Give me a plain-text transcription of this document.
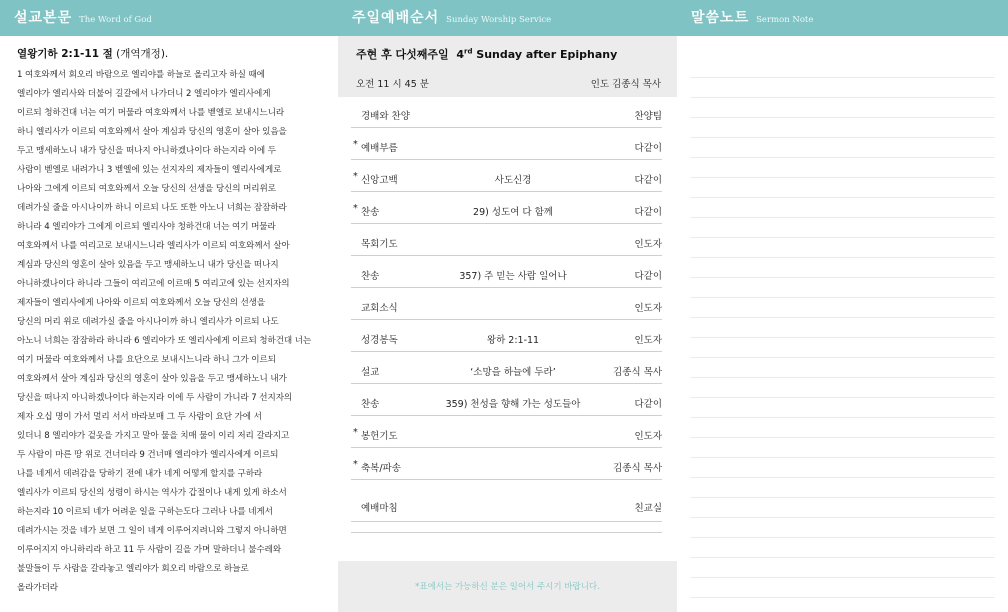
설교본문 The Word of God
열왕기하 2:1-11 절 (개역개정).
1 여호와께서 회오리 바람으로 엘리야를 하늘로 올리고자 하실 때에
엘리야가 엘리사와 더불어 길갈에서 나가더니 2 엘리야가 엘리사에게
이르되 청하건대 너는 여기 머물라 여호와께서 나를 벧엘로 보내시느니라
하니 엘리사가 이르되 여호와께서 살아 계심과 당신의 영혼이 살아 있음을
두고 맹세하노니 내가 당신을 떠나지 아니하겠나이다 하는지라 이에 두
사람이 벧엘로 내려가니 3 벧엘에 있는 선지자의 제자들이 엘리사에게로
나아와 그에게 이르되 여호와께서 오늘 당신의 선생을 당신의 머리위로
데려가실 줄을 아시나이까 하니 이르되 나도 또한 아노니 너희는 잠잠하라
하니라 4 엘리야가 그에게 이르되 엘리사야 청하건대 너는 여기 머물라
여호와께서 나를 여리고로 보내시느니라 엘리사가 이르되 여호와께서 살아
계심과 당신의 영혼이 살아 있음을 두고 맹세하노니 내가 당신을 떠나지
아니하겠나이다 하니라 그들이 여리고에 이르매 5 여리고에 있는 선지자의
제자들이 엘리사에게 나아와 이르되 여호와께서 오늘 당신의 선생을
당신의 머리 위로 데려가실 줄을 아시나이까 하니 엘리사가 이르되 나도
아노니 너희는 잠잠하라 하니라 6 엘리야가 또 엘리사에게 이르되 청하건대 너는
여기 머물라 여호와께서 나를 요단으로 보내시느니라 하니 그가 이르되
여호와께서 살아 계심과 당신의 영혼이 살아 있음을 두고 맹세하노니 내가
당신을 떠나지 아니하겠나이다 하는지라 이에 두 사람이 가니라 7 선지자의
제자 오십 명이 가서 멀리 서서 바라보매 그 두 사람이 요단 가에 서
있더니 8 엘리야가 겉옷을 가지고 말아 물을 치매 물이 이리 저리 갈라지고
두 사람이 마른 땅 위로 건너더라 9 건너매 엘리야가 엘리사에게 이르되
나를 네게서 데려감을 당하기 전에 내가 네게 어떻게 할지를 구하라
엘리사가 이르되 당신의 성령이 하시는 역사가 갑절이나 내게 있게 하소서
하는지라 10 이르되 네가 어려운 일을 구하는도다 그러나 나를 네게서
데려가시는 것을 네가 보면 그 일이 네게 이루어지려니와 그렇지 아니하면
이루어지지 아니하리라 하고 11 두 사람이 길을 가며 말하더니 불수레와
불말들이 두 사람을 갈라놓고 엘리야가 회오리 바람으로 하늘로
올라가더라
주일예배순서 Sunday Worship Service
주현 후 다섯째주일 4rd Sunday after Epiphany
오전 11 시 45 분	인도 김종식 목사
경배와 찬양	찬양팀
* 예배부름	다같이
* 신앙고백	사도신경	다같이
* 찬송	29) 성도여 다 함께	다같이
목회기도	인도자
찬송	357) 주 믿는 사람 일어나	다같이
교회소식	인도자
성경봉독	왕하 2:1-11	인도자
설교	‘소망을 하늘에 두라’	김종식 목사
찬송	359) 천성을 향해 가는 성도들아	다같이
* 봉헌기도	인도자
* 축복/파송	김종식 목사
예배마침	친교실
*표에서는 가능하신 분은 일어서 주시기 바랍니다.
말씀노트 Sermon Note
